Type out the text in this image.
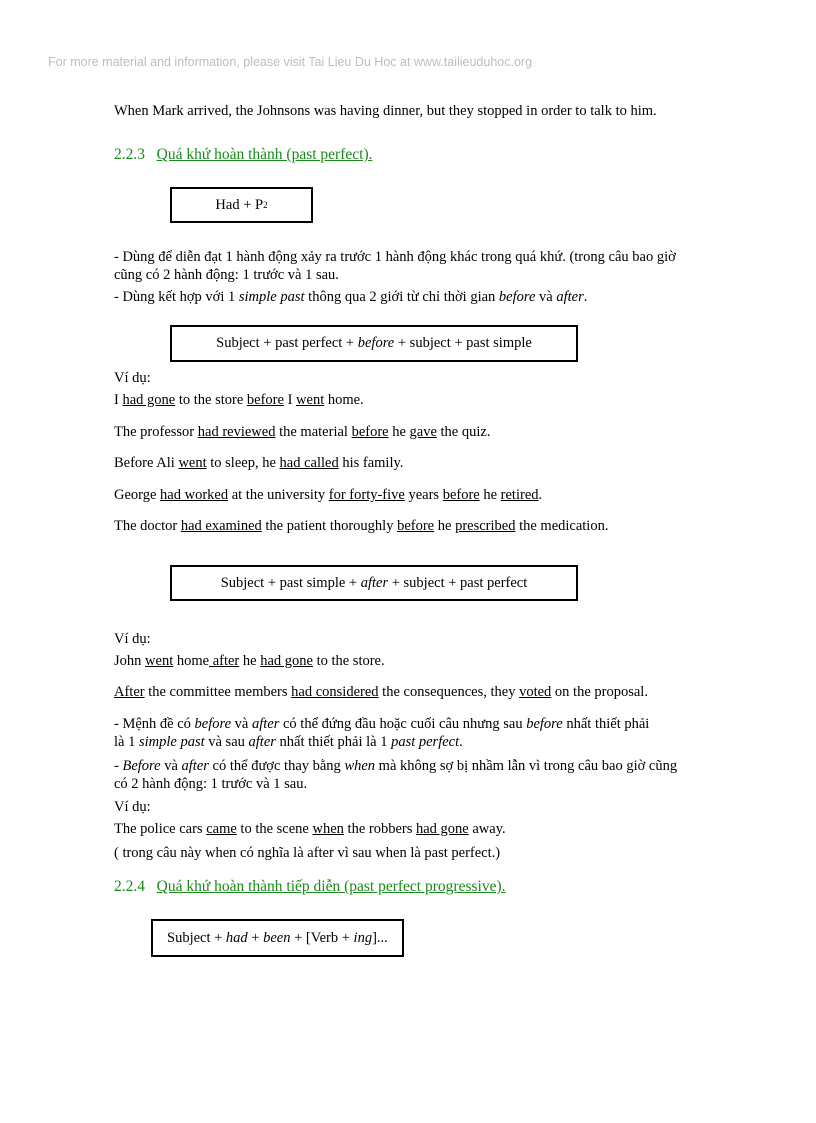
For more material and information, please visit Tai Lieu Du Hoc at www.tailieuduhoc.org
When Mark arrived, the Johnsons was having dinner, but they stopped in order to talk to him.
2.2.3 Quá khứ hoàn thành (past perfect).
Had + P 2
- Dùng để diễn đạt 1 hành động xảy ra trước 1 hành động khác trong quá khứ. (trong câu bao giờ
cũng có 2 hành động: 1 trước và 1 sau.
- Dùng kết hợp với 1 simple past thông qua 2 giới từ chỉ thời gian before và after.
Subject + past perfect + before + subject + past simple
Ví dụ:
I had gone to the store before I went home.
The professor had reviewed the material before he gave the quiz.
Before Ali went to sleep, he had called his family.
George had worked at the university for forty-five years before he retired.
The doctor had examined the patient thoroughly before he prescribed the medication.
Subject + past simple + after + subject + past perfect
Ví dụ:
John went home after he had gone to the store.
After the committee members had considered the consequences, they voted on the proposal.
- Mệnh đề có before và after có thể đứng đầu hoặc cuối câu nhưng sau before nhất thiết phải
là 1 simple past và sau after nhất thiết phải là 1 past perfect.
- Before và after có thể được thay bằng when mà không sợ bị nhầm lẫn vì trong câu bao giờ cũng
có 2 hành động: 1 trước và 1 sau.
Ví dụ:
The police cars came to the scene when the robbers had gone away.
( trong câu này when có nghĩa là after vì sau when là past perfect.)
2.2.4 Quá khứ hoàn thành tiếp diễn (past perfect progressive).
Subject + had + been + [Verb + ing]...
